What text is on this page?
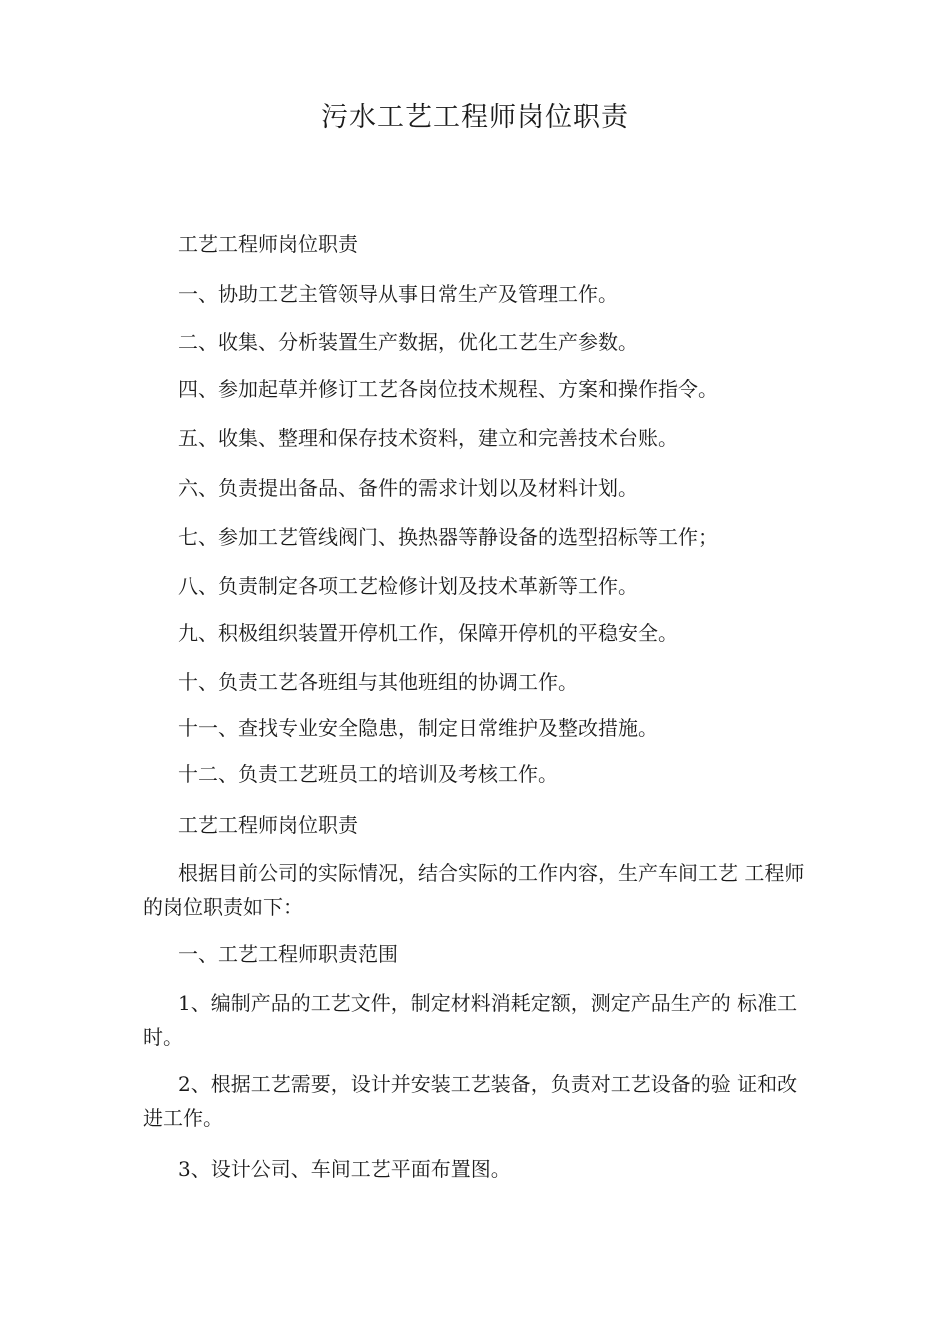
污水工艺工程师岗位职责
工艺工程师岗位职责
一、协助工艺主管领导从事日常生产及管理工作。
二、收集、分析装置生产数据，优化工艺生产参数。
四、参加起草并修订工艺各岗位技术规程、方案和操作指令。
五、收集、整理和保存技术资料，建立和完善技术台账。
六、负责提出备品、备件的需求计划以及材料计划。
七、参加工艺管线阀门、换热器等静设备的选型招标等工作；
八、负责制定各项工艺检修计划及技术革新等工作。
九、积极组织装置开停机工作，保障开停机的平稳安全。
十、负责工艺各班组与其他班组的协调工作。
十一、查找专业安全隐患，制定日常维护及整改措施。
十二、负责工艺班员工的培训及考核工作。
工艺工程师岗位职责
根据目前公司的实际情况，结合实际的工作内容，生产车间工艺 工程师的岗位职责如下：
一、工艺工程师职责范围
1、编制产品的工艺文件，制定材料消耗定额，测定产品生产的 标准工时。
2、根据工艺需要，设计并安装工艺装备，负责对工艺设备的验 证和改进工作。
3、设计公司、车间工艺平面布置图。
